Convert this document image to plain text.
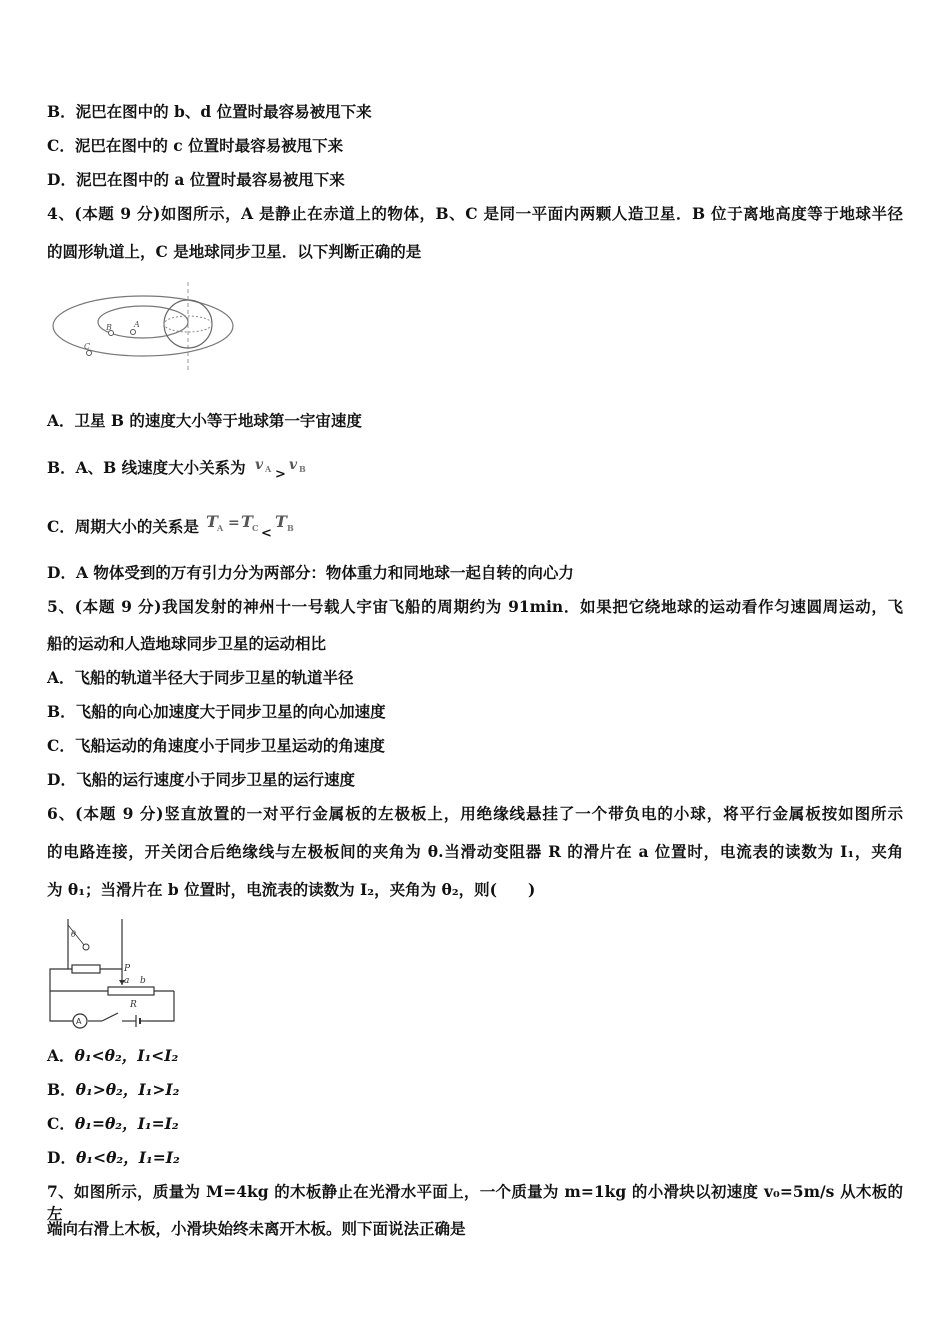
B．泥巴在图中的 b、d 位置时最容易被甩下来
C．泥巴在图中的 c 位置时最容易被甩下来
D．泥巴在图中的 a 位置时最容易被甩下来
4、(本题 9 分)如图所示，A 是静止在赤道上的物体，B、C 是同一平面内两颗人造卫星．B 位于离地高度等于地球半径
的圆形轨道上，C 是地球同步卫星．以下判断正确的是
A
B
C
A．卫星 B 的速度大小等于地球第一宇宙速度
B．A、B 线速度大小关系为 v A >
v B
C．周期大小的关系是 T A = T C <
T B
D．A 物体受到的万有引力分为两部分：物体重力和同地球一起自转的向心力
5、(本题 9 分)我国发射的神州十一号载人宇宙飞船的周期约为 91min．如果把它绕地球的运动看作匀速圆周运动，飞
船的运动和人造地球同步卫星的运动相比
A．飞船的轨道半径大于同步卫星的轨道半径
B．飞船的向心加速度大于同步卫星的向心加速度
C．飞船运动的角速度小于同步卫星运动的角速度
D．飞船的运行速度小于同步卫星的运行速度
6、(本题 9 分)竖直放置的一对平行金属板的左极板上，用绝缘线悬挂了一个带负电的小球，将平行金属板按如图所示
的电路连接，开关闭合后绝缘线与左极板间的夹角为 θ.当滑动变阻器 R 的滑片在 a 位置时，电流表的读数为 I₁，夹角
为 θ₁；当滑片在 b 位置时，电流表的读数为 I₂，夹角为 θ₂，则(　　)
θ
P
a b
R
A
A．θ₁<θ₂，I₁<I₂
B．θ₁>θ₂，I₁>I₂
C．θ₁=θ₂，I₁=I₂
D．θ₁<θ₂，I₁=I₂
7、如图所示，质量为 M=4kg 的木板静止在光滑水平面上，一个质量为 m=1kg 的小滑块以初速度 v₀=5m/s 从木板的左
端向右滑上木板，小滑块始终未离开木板。则下面说法正确是
